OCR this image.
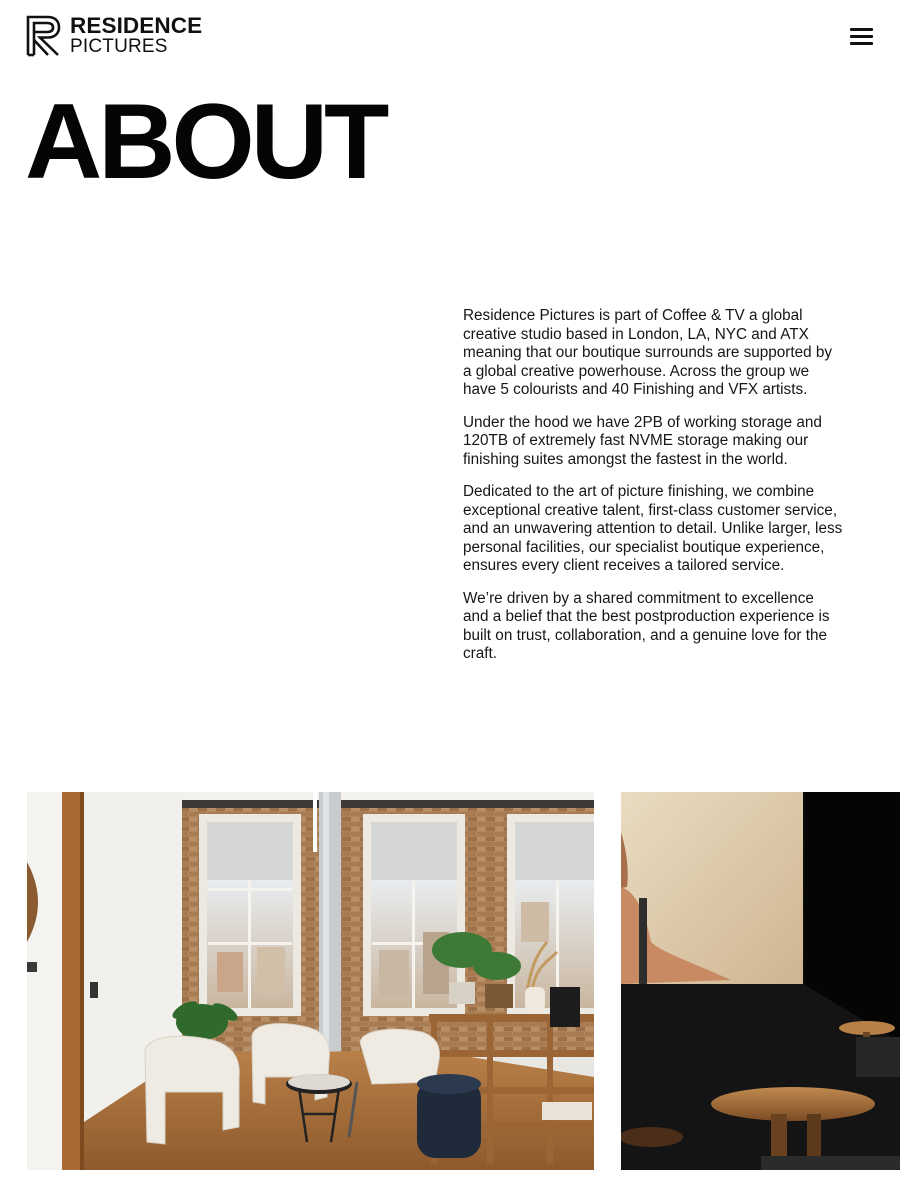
RESIDENCE
PICTURES
ABOUT

Residence Pictures is part of Coffee & TV a global creative studio based in London, LA, NYC and ATX meaning that our boutique surrounds are supported by a global creative powerhouse. Across the group we have 5 colourists and 40 Finishing and VFX artists.

Under the hood we have 2PB of working storage and 120TB of extremely fast NVME storage making our finishing suites amongst the fastest in the world.

Dedicated to the art of picture finishing, we combine exceptional creative talent, first-class customer service, and an unwavering attention to detail. Unlike larger, less personal facilities, our specialist boutique experience, ensures every client receives a tailored service.

We’re driven by a shared commitment to excellence and a belief that the best postproduction experience is built on trust, collaboration, and a genuine love for the craft.
